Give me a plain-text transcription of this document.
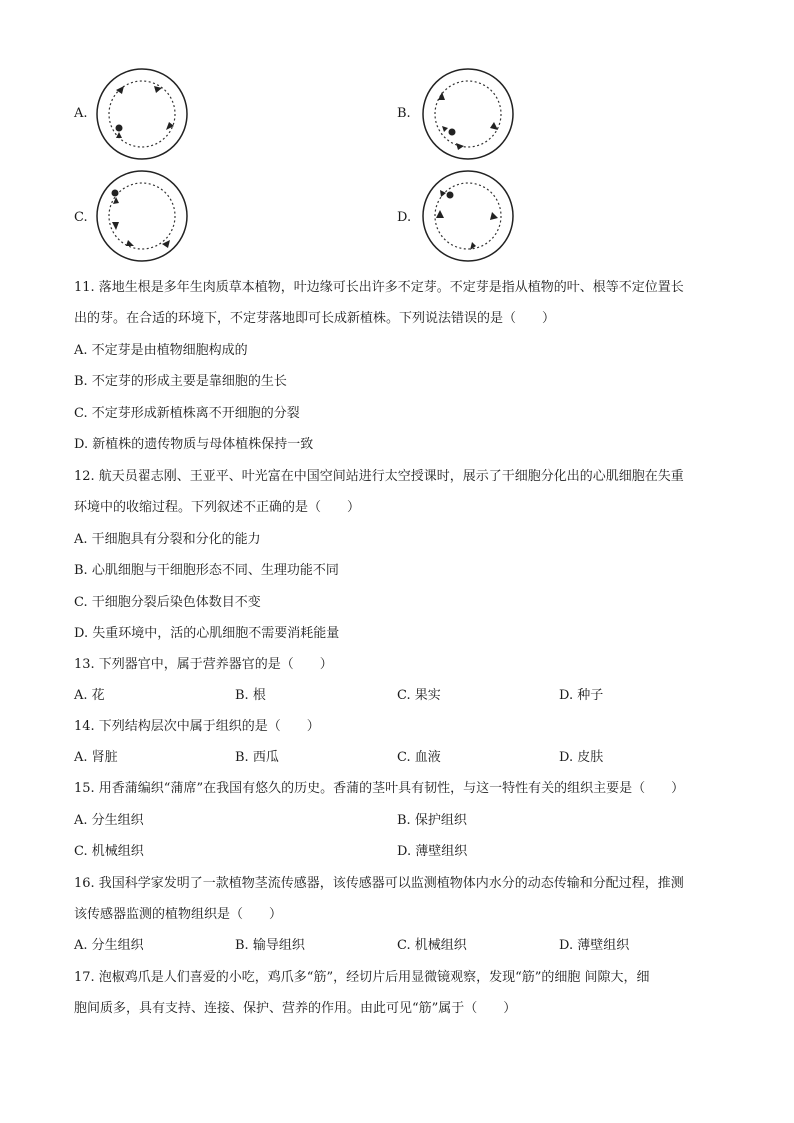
A.	B.
C.	D.
11. 落地生根是多年生肉质草本植物，叶边缘可长出许多不定芽。不定芽是指从植物的叶、根等不定位置长
出的芽。在合适的环境下，不定芽落地即可长成新植株。下列说法错误的是（　　）
A. 不定芽是由植物细胞构成的
B. 不定芽的形成主要是靠细胞的生长
C. 不定芽形成新植株离不开细胞的分裂
D. 新植株的遗传物质与母体植株保持一致
12. 航天员翟志刚、王亚平、叶光富在中国空间站进行太空授课时，展示了干细胞分化出的心肌细胞在失重
环境中的收缩过程。下列叙述不正确的是（　　）
A. 干细胞具有分裂和分化的能力
B. 心肌细胞与干细胞形态不同、生理功能不同
C. 干细胞分裂后染色体数目不变
D. 失重环境中，活的心肌细胞不需要消耗能量
13. 下列器官中，属于营养器官的是（　　）
A. 花	B. 根	C. 果实	D. 种子
14. 下列结构层次中属于组织的是（　　）
A. 肾脏	B. 西瓜	C. 血液	D. 皮肤
15. 用香蒲编织“蒲席”在我国有悠久的历史。香蒲的茎叶具有韧性，与这一特性有关的组织主要是（　　）
A. 分生组织	B. 保护组织
C. 机械组织	D. 薄壁组织
16. 我国科学家发明了一款植物茎流传感器，该传感器可以监测植物体内水分的动态传输和分配过程，推测
该传感器监测的植物组织是（　　）
A. 分生组织	B. 输导组织	C. 机械组织	D. 薄壁组织
17. 泡椒鸡爪是人们喜爱的小吃，鸡爪多“筋”，经切片后用显微镜观察，发现“筋”的细胞 间隙大，细
胞间质多，具有支持、连接、保护、营养的作用。由此可见“筋”属于（　　）
